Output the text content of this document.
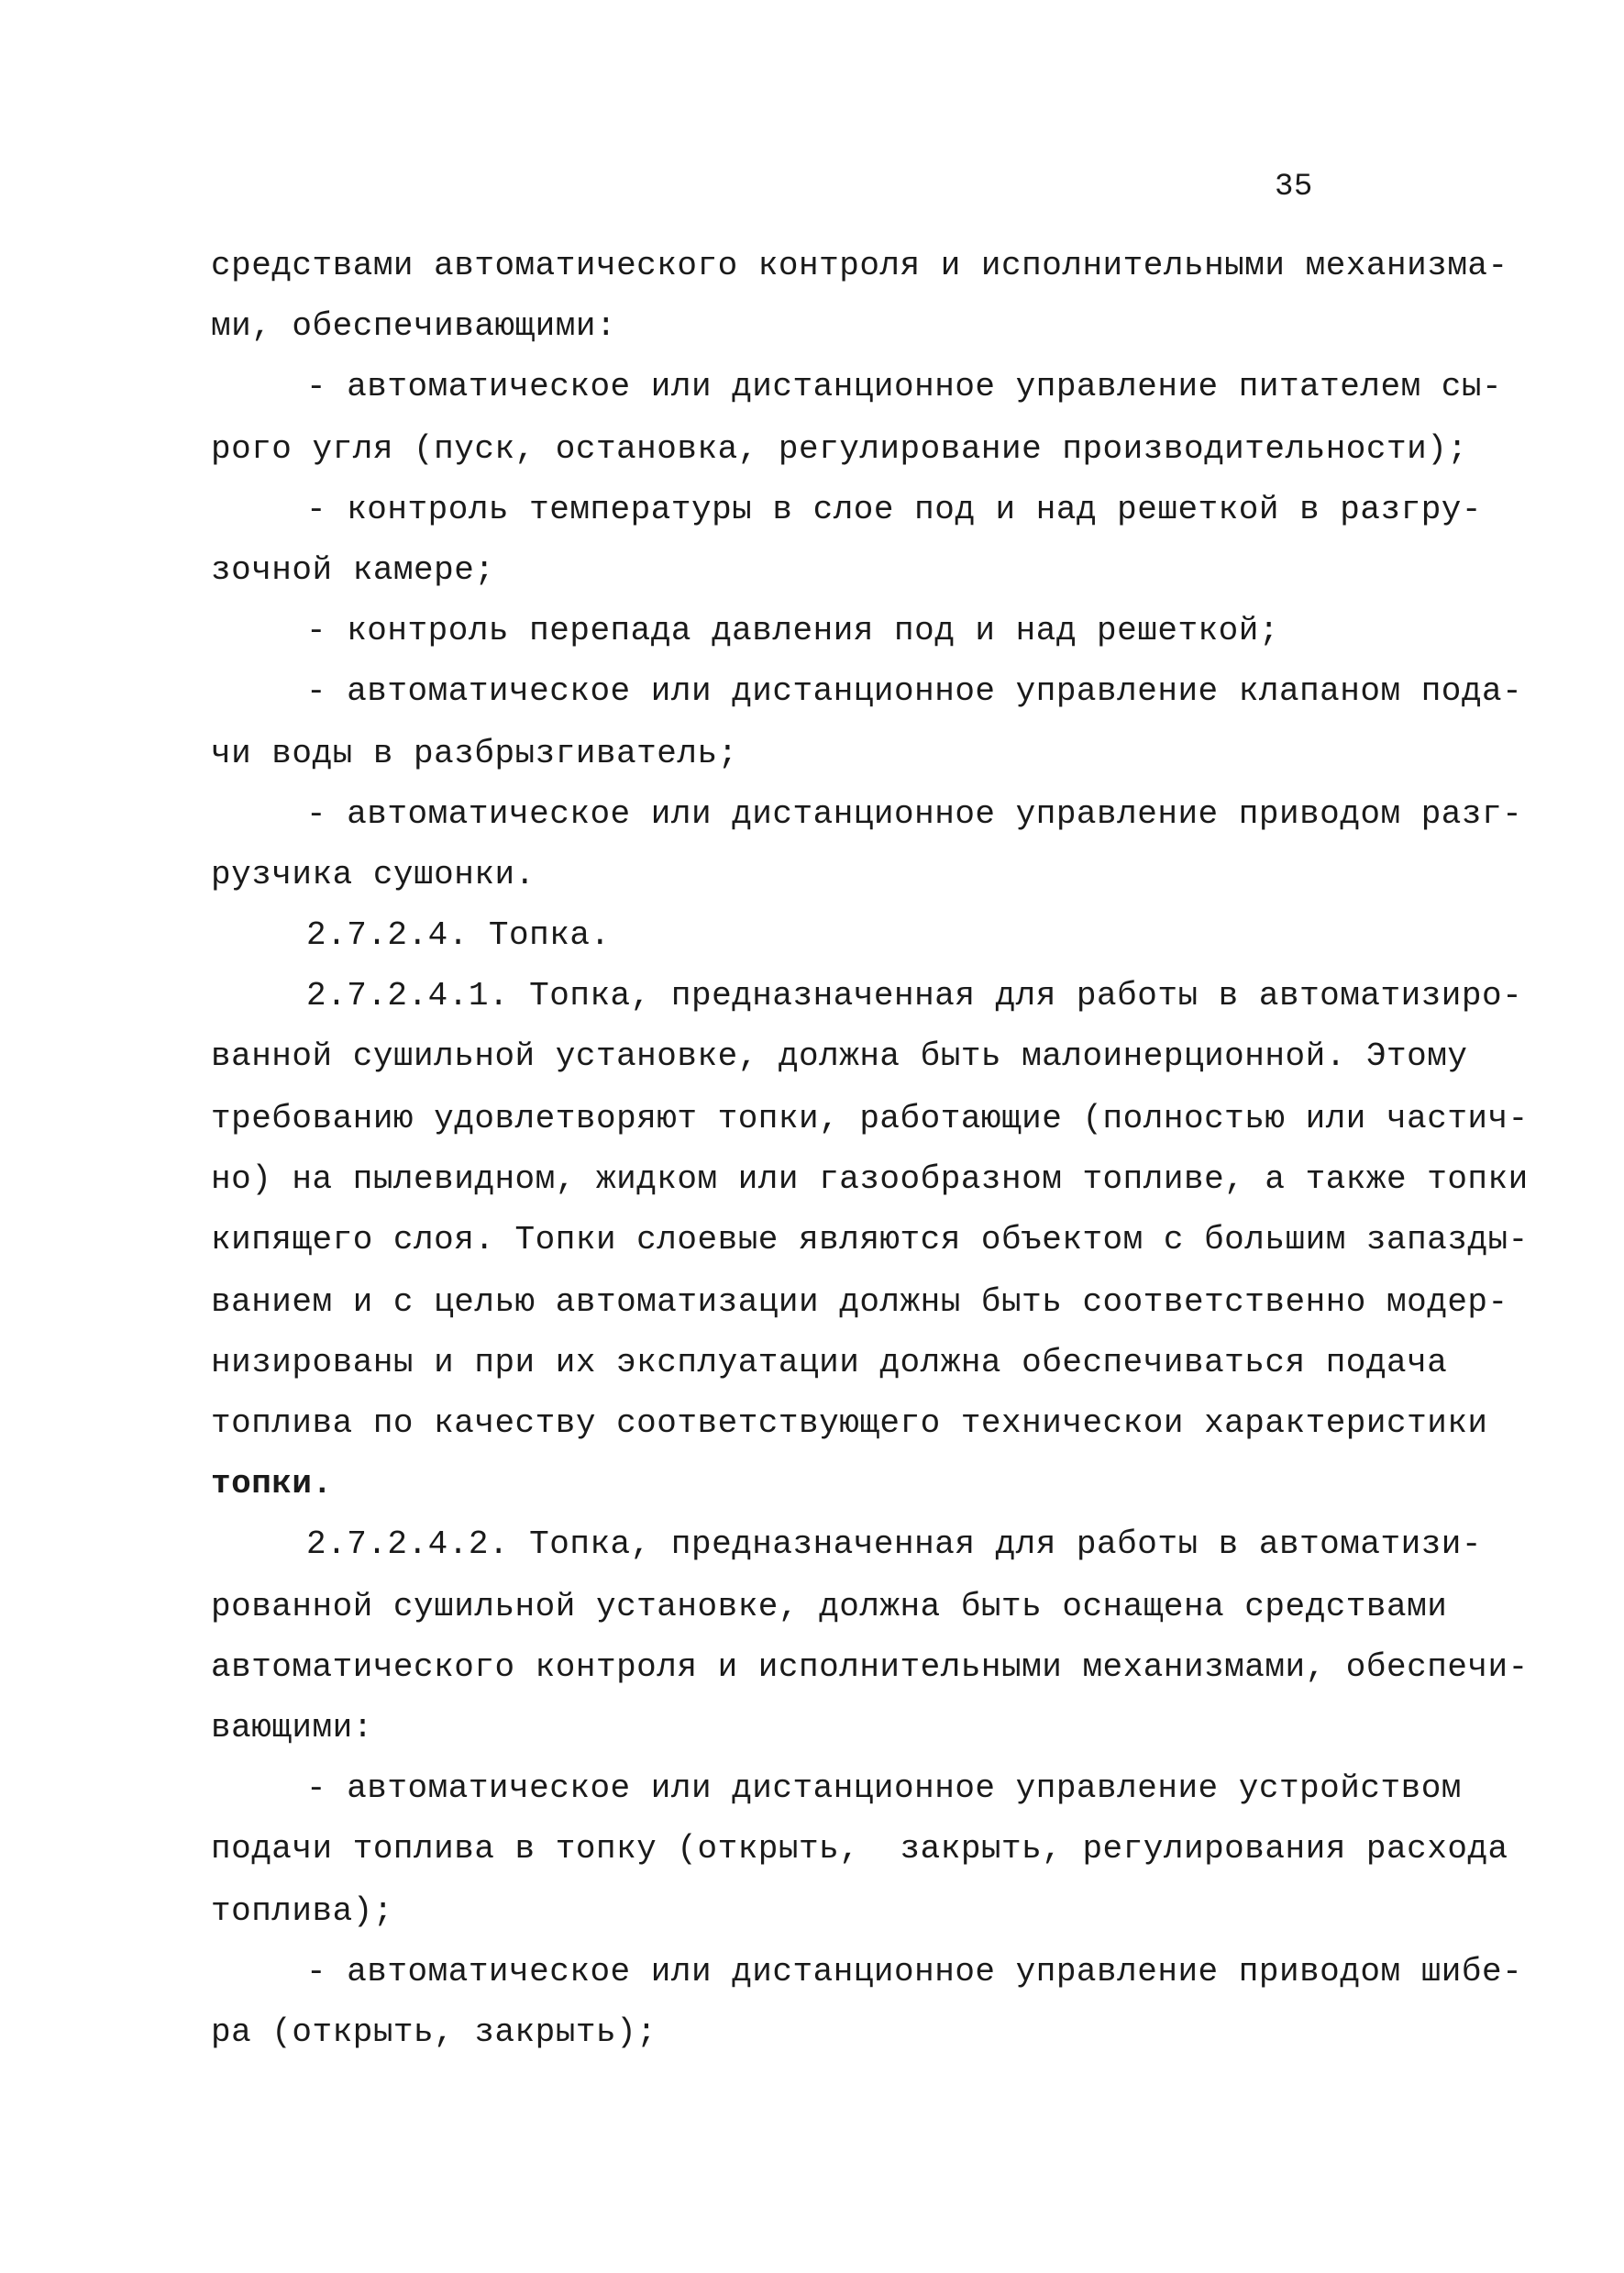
35
средствами автоматического контроля и исполнительными механизма-
ми, обеспечивающими:
- автоматическое или дистанционное управление питателем сы-
рого угля (пуск, остановка, регулирование производительности);
- контроль температуры в слое под и над решеткой в разгру-
зочной камере;
- контроль перепада давления под и над решеткой;
- автоматическое или дистанционное управление клапаном пода-
чи воды в разбрызгиватель;
- автоматическое или дистанционное управление приводом разг-
рузчика сушонки.
2.7.2.4. Топка.
2.7.2.4.1. Топка, предназначенная для работы в автоматизиро-
ванной сушильной установке, должна быть малоинерционной. Этому
требованию удовлетворяют топки, работающие (полностью или частич-
но) на пылевидном, жидком или газообразном топливе, а также топки
кипящего слоя. Топки слоевые являются объектом с большим запазды-
ванием и с целью автоматизации должны быть соответственно модер-
низированы и при их эксплуатации должна обеспечиваться подача
топлива по качеству соответствующего техническои характеристики
топки.
2.7.2.4.2. Топка, предназначенная для работы в автоматизи-
рованной сушильной установке, должна быть оснащена средствами
автоматического контроля и исполнительными механизмами, обеспечи-
вающими:
- автоматическое или дистанционное управление устройством
подачи топлива в топку (открыть,  закрыть, регулирования расхода
топлива);
- автоматическое или дистанционное управление приводом шибе-
ра (открыть, закрыть);
